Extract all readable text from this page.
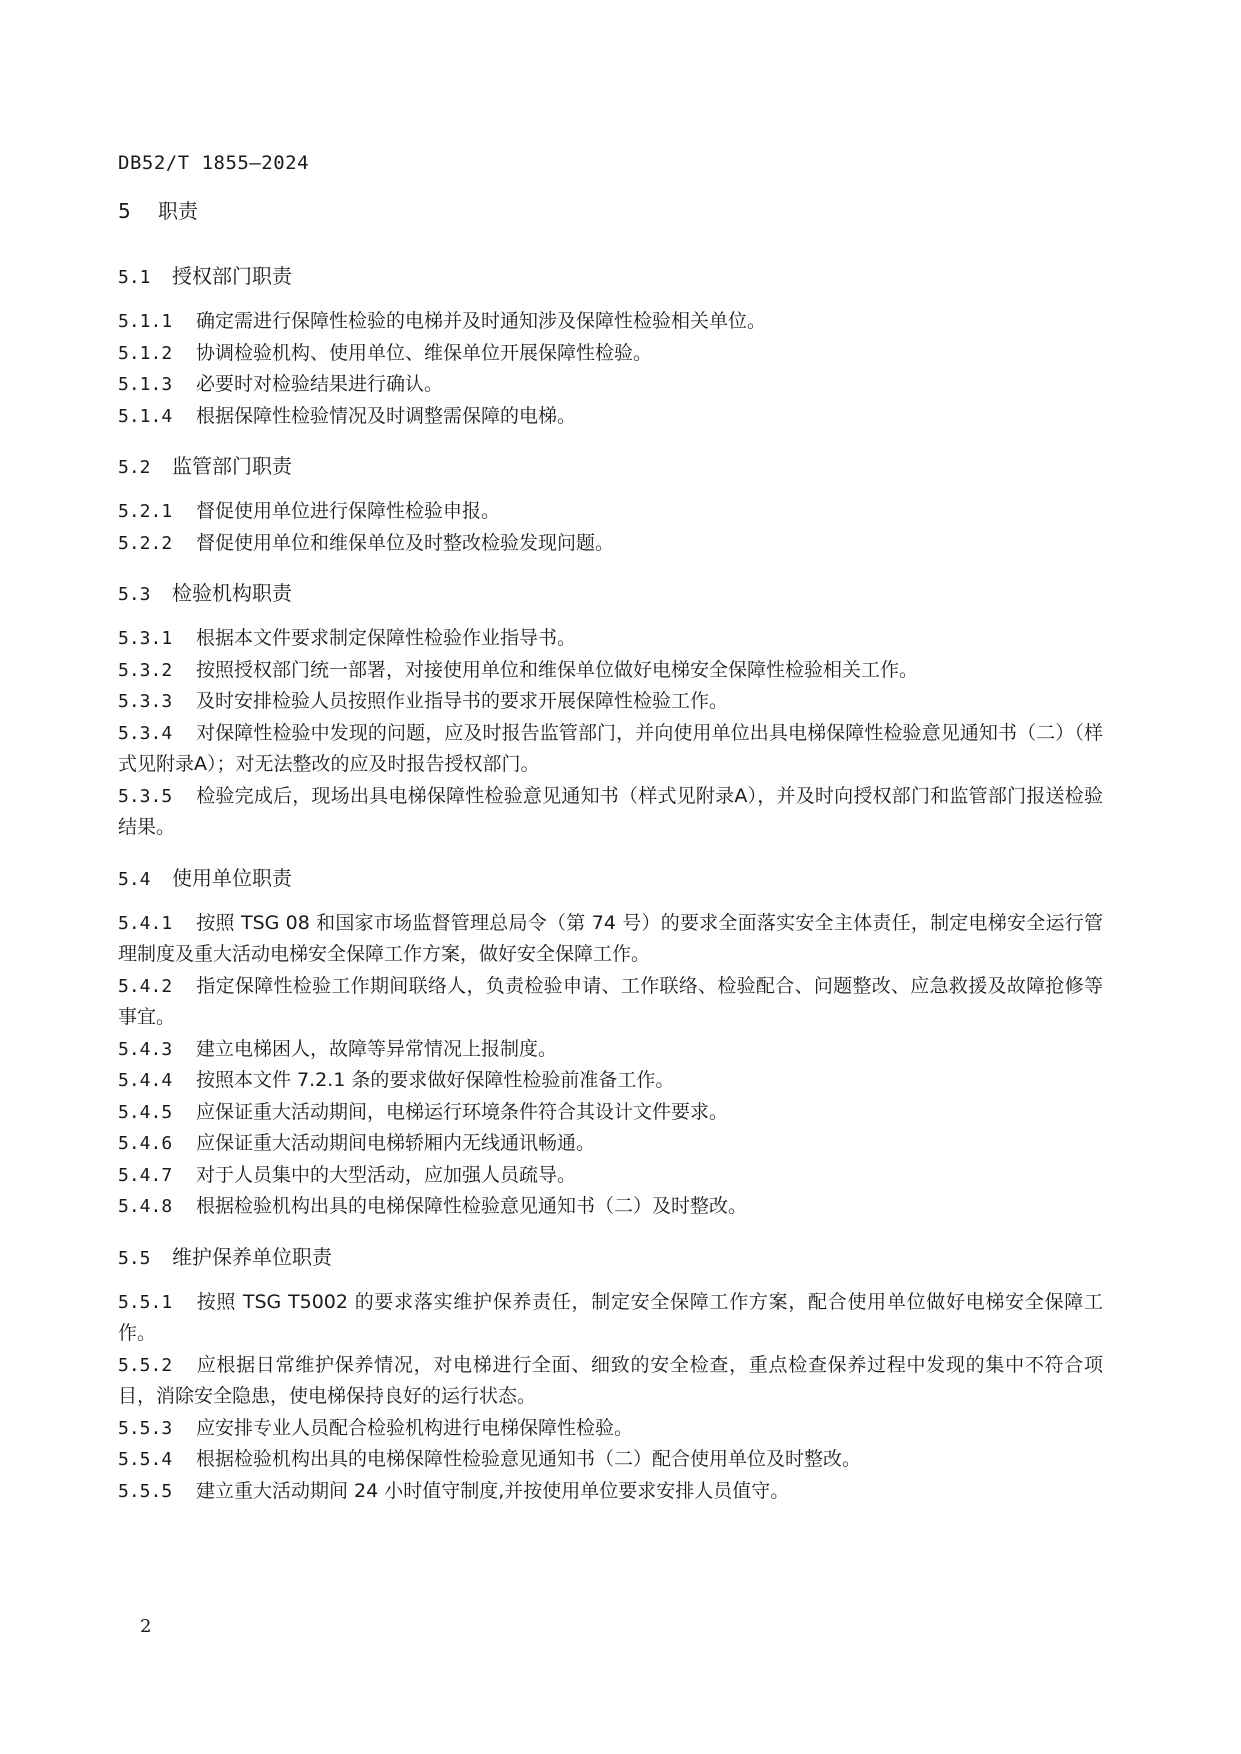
DB52/T 1855—2024
5 职责
5.1 授权部门职责
5.1.1 确定需进行保障性检验的电梯并及时通知涉及保障性检验相关单位。
5.1.2 协调检验机构、使用单位、维保单位开展保障性检验。
5.1.3 必要时对检验结果进行确认。
5.1.4 根据保障性检验情况及时调整需保障的电梯。
5.2 监管部门职责
5.2.1 督促使用单位进行保障性检验申报。
5.2.2 督促使用单位和维保单位及时整改检验发现问题。
5.3 检验机构职责
5.3.1 根据本文件要求制定保障性检验作业指导书。
5.3.2 按照授权部门统一部署，对接使用单位和维保单位做好电梯安全保障性检验相关工作。
5.3.3 及时安排检验人员按照作业指导书的要求开展保障性检验工作。
5.3.4 对保障性检验中发现的问题，应及时报告监管部门，并向使用单位出具电梯保障性检验意见通知书（二）（样式见附录A）；对无法整改的应及时报告授权部门。
5.3.5 检验完成后，现场出具电梯保障性检验意见通知书（样式见附录A），并及时向授权部门和监管部门报送检验结果。
5.4 使用单位职责
5.4.1 按照 TSG 08 和国家市场监督管理总局令（第 74 号）的要求全面落实安全主体责任，制定电梯安全运行管理制度及重大活动电梯安全保障工作方案，做好安全保障工作。
5.4.2 指定保障性检验工作期间联络人，负责检验申请、工作联络、检验配合、问题整改、应急救援及故障抢修等事宜。
5.4.3 建立电梯困人，故障等异常情况上报制度。
5.4.4 按照本文件 7.2.1 条的要求做好保障性检验前准备工作。
5.4.5 应保证重大活动期间，电梯运行环境条件符合其设计文件要求。
5.4.6 应保证重大活动期间电梯轿厢内无线通讯畅通。
5.4.7 对于人员集中的大型活动，应加强人员疏导。
5.4.8 根据检验机构出具的电梯保障性检验意见通知书（二）及时整改。
5.5 维护保养单位职责
5.5.1 按照 TSG T5002 的要求落实维护保养责任，制定安全保障工作方案，配合使用单位做好电梯安全保障工作。
5.5.2 应根据日常维护保养情况，对电梯进行全面、细致的安全检查，重点检查保养过程中发现的集中不符合项目，消除安全隐患，使电梯保持良好的运行状态。
5.5.3 应安排专业人员配合检验机构进行电梯保障性检验。
5.5.4 根据检验机构出具的电梯保障性检验意见通知书（二）配合使用单位及时整改。
5.5.5 建立重大活动期间 24 小时值守制度,并按使用单位要求安排人员值守。
2
